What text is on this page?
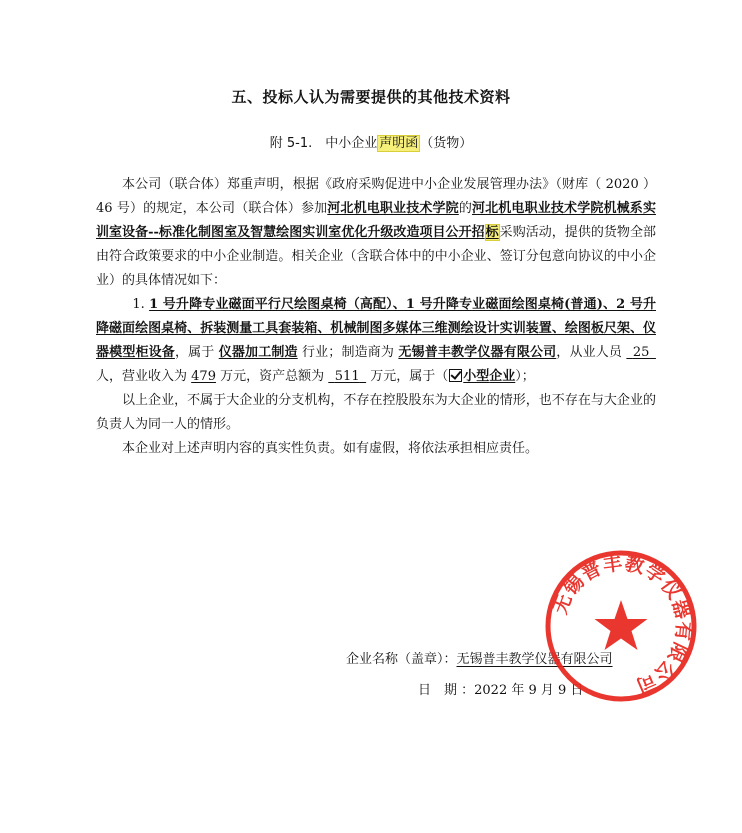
五、投标人认为需要提供的其他技术资料
附 5-1.　中小企业 声明函 （货物）

本公司（联合体）郑重声明，根据《政府采购促进中小企业发展管理办法》（财库（ 2020 ）46 号）的规定，本公司（联合体）参加河北机电职业技术学院的河北机电职业技术学院机械系实训室设备--标准化制图室及智慧绘图实训室优化升级改造项目公开招标采购活动，提供的货物全部由符合政策要求的中小企业制造。相关企业（含联合体中的中小企业、签订分包意向协议的中小企业）的具体情况如下：

1. 1 号升降专业磁面平行尺绘图桌椅（高配）、1 号升降专业磁面绘图桌椅(普通)、2 号升降磁面绘图桌椅、拆装测量工具套装箱、机械制图多媒体三维测绘设计实训装置、绘图板尺架、仪器模型柜设备，属于 仪器加工制造 行业；制造商为 无锡普丰教学仪器有限公司，从业人员   25 人，营业收入为 479 万元，资产总额为   511  万元，属于（ 小型企业）；

以上企业，不属于大企业的分支机构，不存在控股股东为大企业的情形，也不存在与大企业的负责人为同一人的情形。

本企业对上述声明内容的真实性负责。如有虚假，将依法承担相应责任。

企业名称（盖章）：无锡普丰教学仪器有限公司
日　期 ：2022 年 9 月 9 日
无锡普丰教学仪器有限公司
